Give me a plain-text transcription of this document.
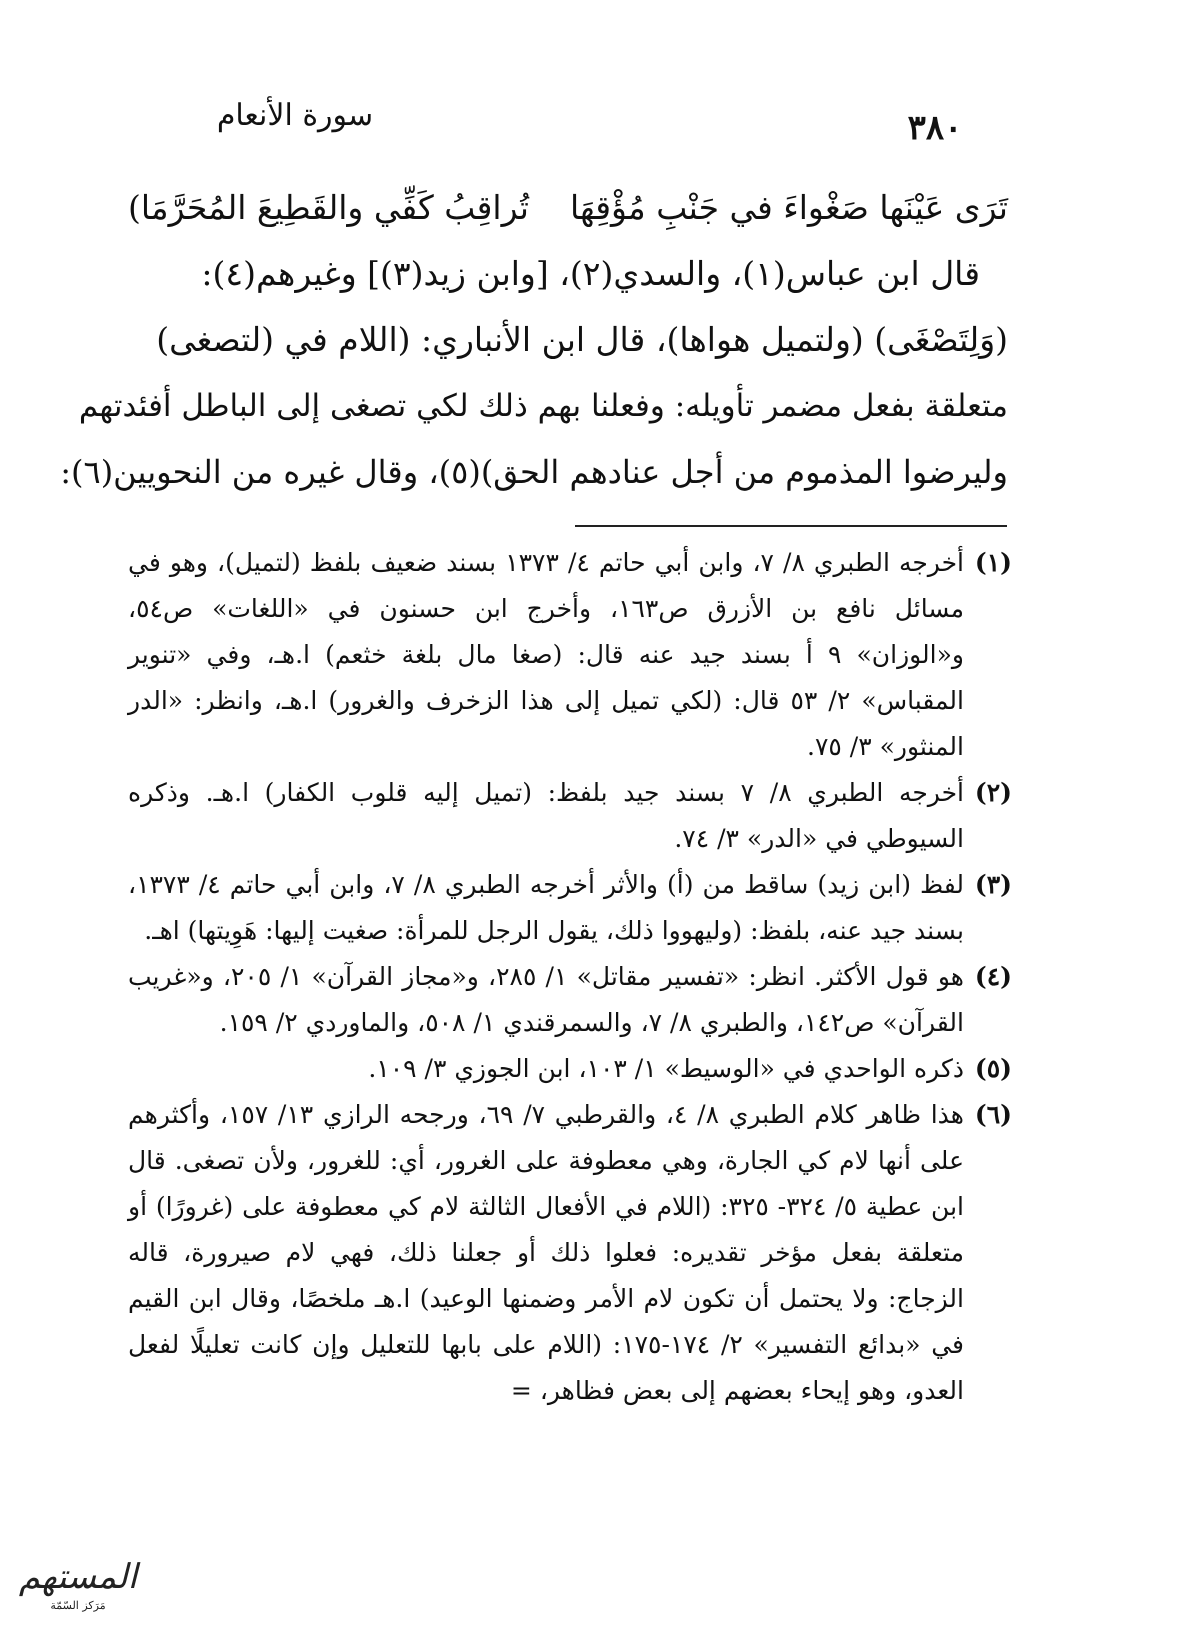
سورة الأنعام	٣٨٠
تَرَى عَيْنَها صَغْواءَ في جَنْبِ مُؤْقِهَا
تُراقِبُ كَفِّي والقَطِيعَ المُحَرَّمَا)
قال ابن عباس(١)، والسدي(٢)، [وابن زيد(٣)] وغيرهم(٤):
(وَلِتَصْغَى) (ولتميل هواها)، قال ابن الأنباري: (اللام في (لتصغى)
متعلقة بفعل مضمر تأويله: وفعلنا بهم ذلك لكي تصغى إلى الباطل أفئدتهم
وليرضوا المذموم من أجل عنادهم الحق)(٥)، وقال غيره من النحويين(٦):
(١)
أخرجه الطبري ٨/ ٧، وابن أبي حاتم ٤/ ١٣٧٣ بسند ضعيف بلفظ (لتميل)، وهو في مسائل نافع بن الأزرق ص١٦٣، وأخرج ابن حسنون في «اللغات» ص٥٤، و«الوزان» ٩ أ بسند جيد عنه قال: (صغا مال بلغة خثعم) ا.هـ، وفي «تنوير المقباس» ٢/ ٥٣ قال: (لكي تميل إلى هذا الزخرف والغرور) ا.هـ، وانظر: «الدر المنثور» ٣/ ٧٥.
(٢)
أخرجه الطبري ٨/ ٧ بسند جيد بلفظ: (تميل إليه قلوب الكفار) ا.هـ. وذكره السيوطي في «الدر» ٣/ ٧٤.
(٣)
لفظ (ابن زيد) ساقط من (أ) والأثر أخرجه الطبري ٨/ ٧، وابن أبي حاتم ٤/ ١٣٧٣، بسند جيد عنه، بلفظ: (وليهووا ذلك، يقول الرجل للمرأة: صغيت إليها: هَوِيتها) اهـ.
(٤)
هو قول الأكثر. انظر: «تفسير مقاتل» ١/ ٢٨٥، و«مجاز القرآن» ١/ ٢٠٥، و«غريب القرآن» ص١٤٢، والطبري ٨/ ٧، والسمرقندي ١/ ٥٠٨، والماوردي ٢/ ١٥٩.
(٥)
ذكره الواحدي في «الوسيط» ١/ ١٠٣، ابن الجوزي ٣/ ١٠٩.
(٦)
هذا ظاهر كلام الطبري ٨/ ٤، والقرطبي ٧/ ٦٩، ورجحه الرازي ١٣/ ١٥٧، وأكثرهم على أنها لام كي الجارة، وهي معطوفة على الغرور، أي: للغرور، ولأن تصغى. قال ابن عطية ٥/ ٣٢٤- ٣٢٥: (اللام في الأفعال الثالثة لام كي معطوفة على (غرورًا) أو متعلقة بفعل مؤخر تقديره: فعلوا ذلك أو جعلنا ذلك، فهي لام صيرورة، قاله الزجاج: ولا يحتمل أن تكون لام الأمر وضمنها الوعيد) ا.هـ ملخصًا، وقال ابن القيم في «بدائع التفسير» ٢/ ١٧٤-١٧٥: (اللام على بابها للتعليل وإن كانت تعليلًا لفعل العدو، وهو إيحاء بعضهم إلى بعض فظاهر، =
المستهم
مَرَكز السّمّة
